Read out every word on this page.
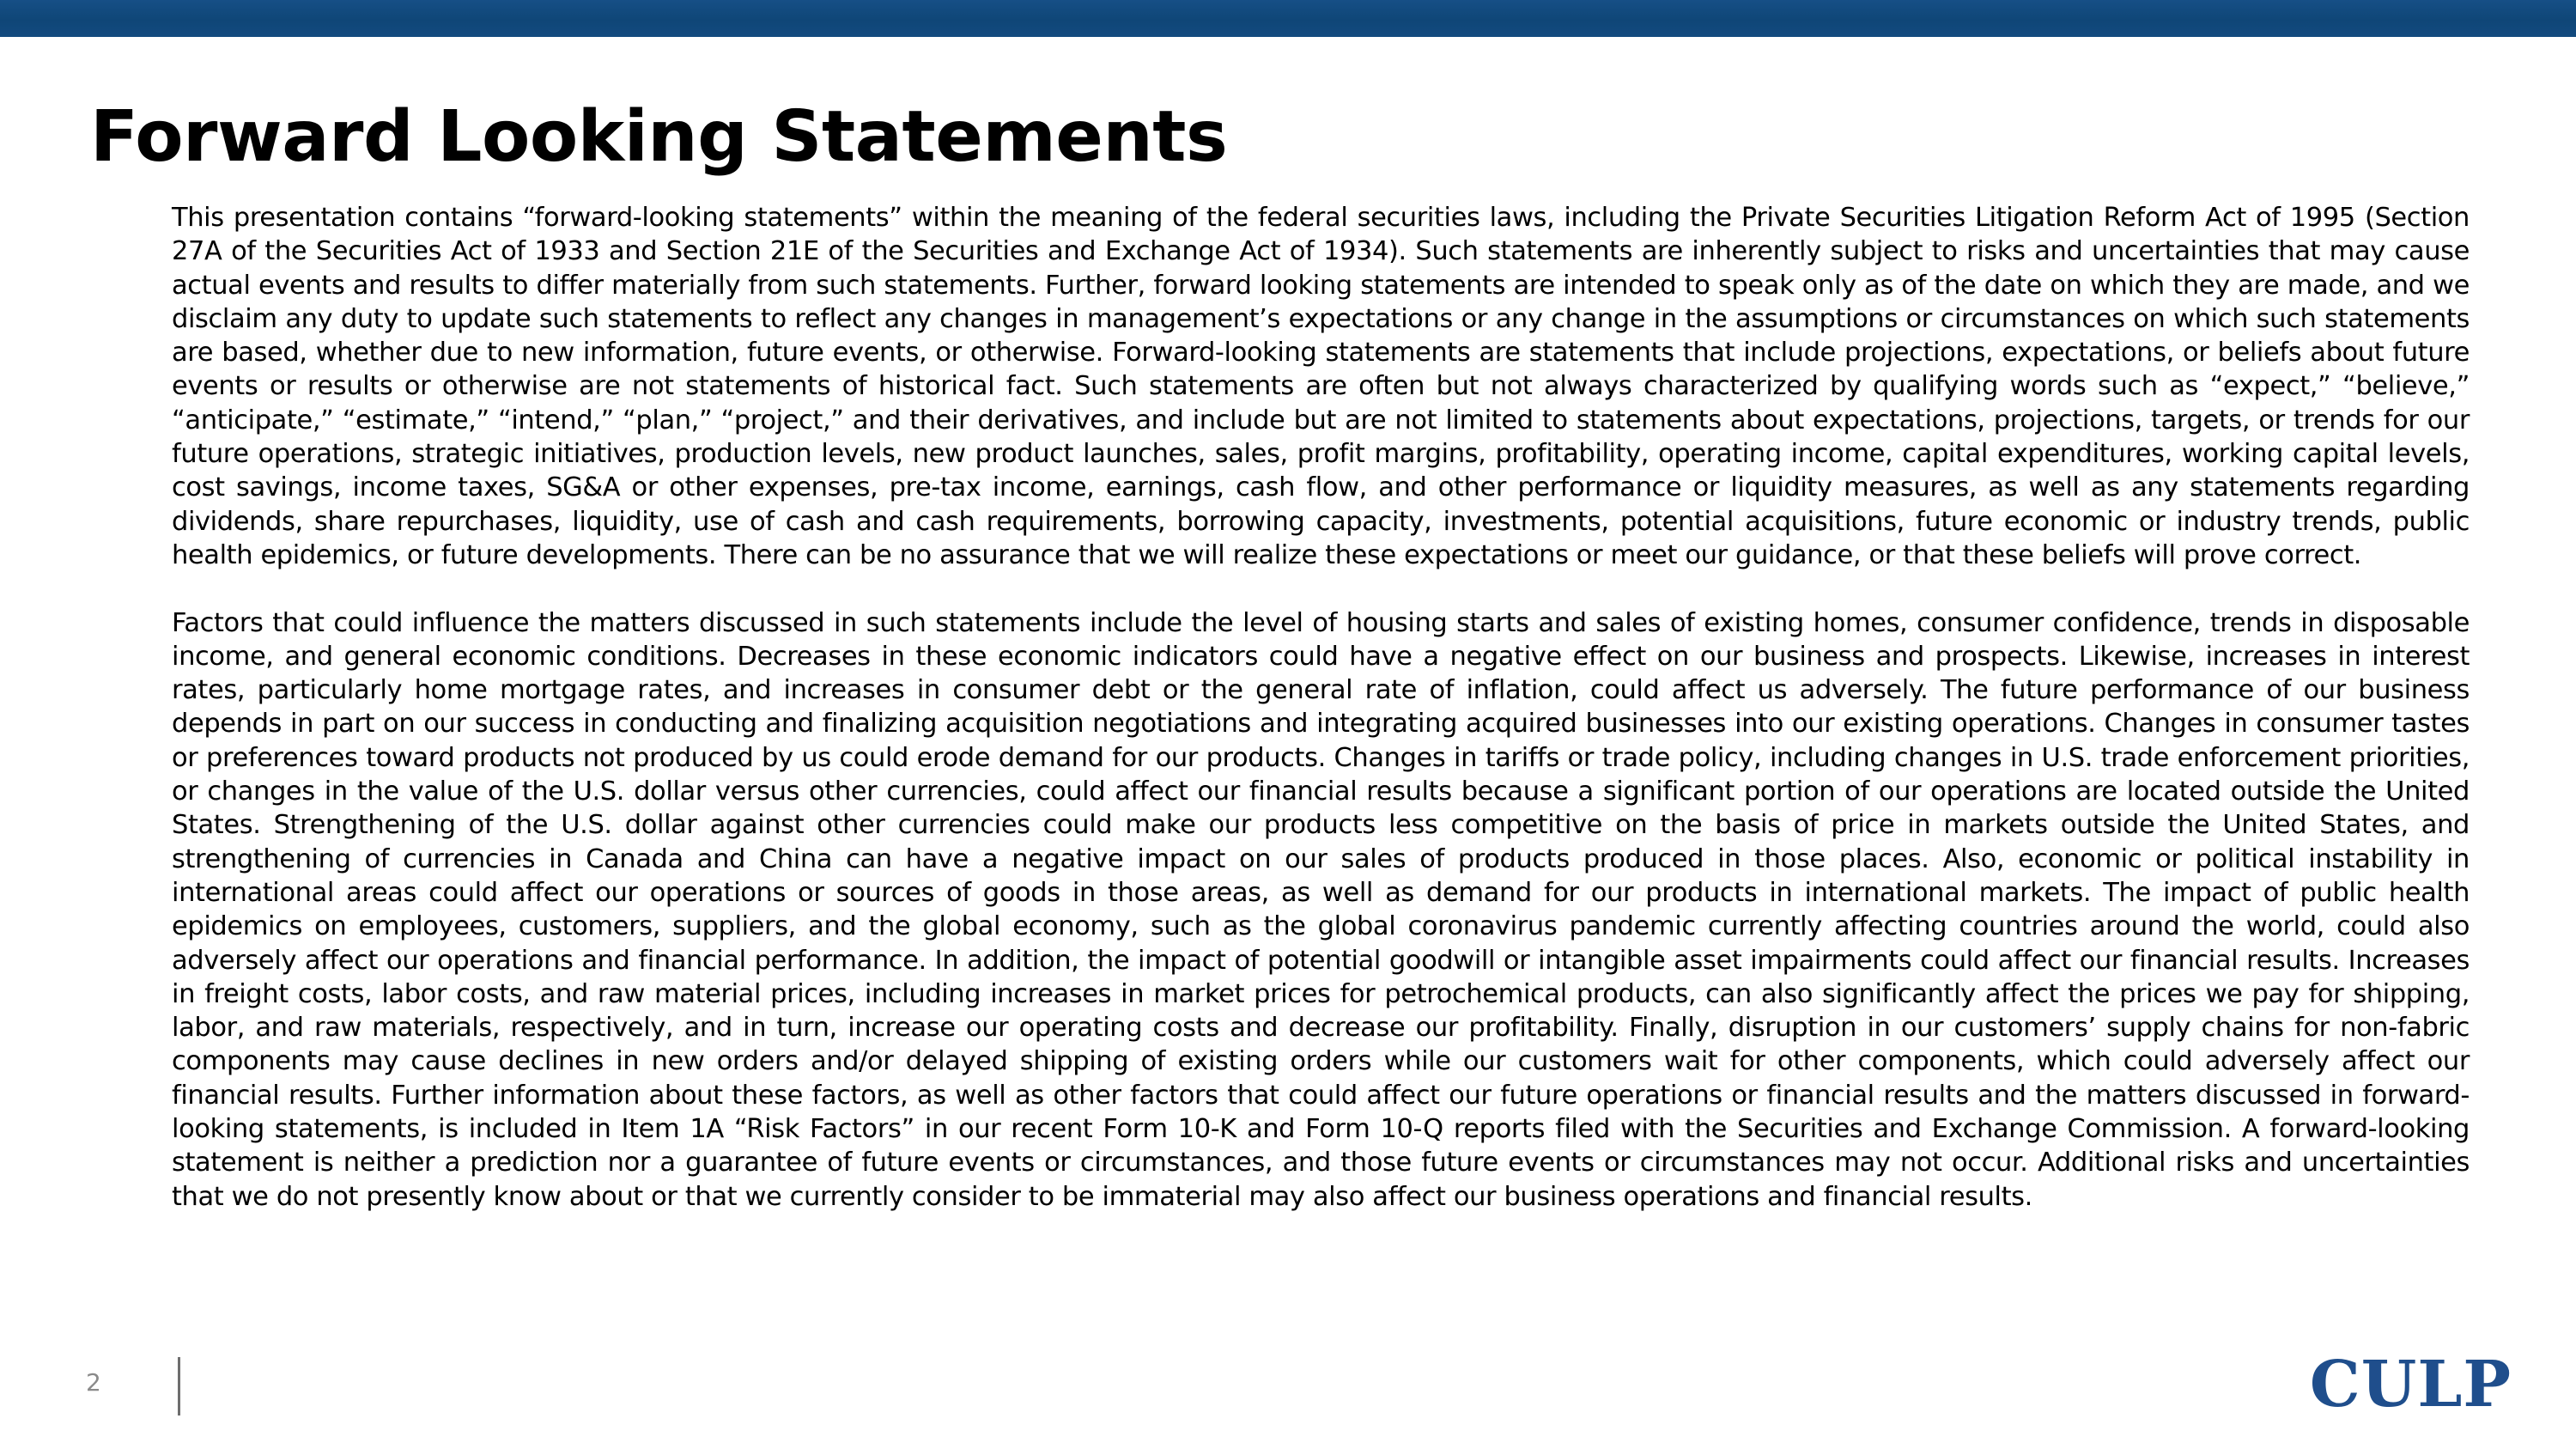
Forward Looking Statements

This presentation contains “forward-looking statements” within the meaning of the federal securities laws, including the Private Securities Litigation Reform Act of 1995 (Section 27A of the Securities Act of 1933 and Section 21E of the Securities and Exchange Act of 1934). Such statements are inherently subject to risks and uncertainties that may cause actual events and results to differ materially from such statements. Further, forward looking statements are intended to speak only as of the date on which they are made, and we disclaim any duty to update such statements to reflect any changes in management’s expectations or any change in the assumptions or circumstances on which such statements are based, whether due to new information, future events, or otherwise. Forward-looking statements are statements that include projections, expectations, or beliefs about future events or results or otherwise are not statements of historical fact. Such statements are often but not always characterized by qualifying words such as “expect,” “believe,” “anticipate,” “estimate,” “intend,” “plan,” “project,” and their derivatives, and include but are not limited to statements about expectations, projections, targets, or trends for our future operations, strategic initiatives, production levels, new product launches, sales, profit margins, profitability, operating income, capital expenditures, working capital levels, cost savings, income taxes, SG&A or other expenses, pre-tax income, earnings, cash flow, and other performance or liquidity measures, as well as any statements regarding dividends, share repurchases, liquidity, use of cash and cash requirements, borrowing capacity, investments, potential acquisitions, future economic or industry trends, public health epidemics, or future developments. There can be no assurance that we will realize these expectations or meet our guidance, or that these beliefs will prove correct.

Factors that could influence the matters discussed in such statements include the level of housing starts and sales of existing homes, consumer confidence, trends in disposable income, and general economic conditions. Decreases in these economic indicators could have a negative effect on our business and prospects. Likewise, increases in interest rates, particularly home mortgage rates, and increases in consumer debt or the general rate of inflation, could affect us adversely. The future performance of our business depends in part on our success in conducting and finalizing acquisition negotiations and integrating acquired businesses into our existing operations. Changes in consumer tastes or preferences toward products not produced by us could erode demand for our products. Changes in tariffs or trade policy, including changes in U.S. trade enforcement priorities, or changes in the value of the U.S. dollar versus other currencies, could affect our financial results because a significant portion of our operations are located outside the United States. Strengthening of the U.S. dollar against other currencies could make our products less competitive on the basis of price in markets outside the United States, and strengthening of currencies in Canada and China can have a negative impact on our sales of products produced in those places. Also, economic or political instability in international areas could affect our operations or sources of goods in those areas, as well as demand for our products in international markets. The impact of public health epidemics on employees, customers, suppliers, and the global economy, such as the global coronavirus pandemic currently affecting countries around the world, could also adversely affect our operations and financial performance. In addition, the impact of potential goodwill or intangible asset impairments could affect our financial results. Increases in freight costs, labor costs, and raw material prices, including increases in market prices for petrochemical products, can also significantly affect the prices we pay for shipping, labor, and raw materials, respectively, and in turn, increase our operating costs and decrease our profitability. Finally, disruption in our customers’ supply chains for non-fabric components may cause declines in new orders and/or delayed shipping of existing orders while our customers wait for other components, which could adversely affect our financial results. Further information about these factors, as well as other factors that could affect our future operations or financial results and the matters discussed in forward-looking statements, is included in Item 1A “Risk Factors” in our recent Form 10-K and Form 10-Q reports filed with the Securities and Exchange Commission. A forward-looking statement is neither a prediction nor a guarantee of future events or circumstances, and those future events or circumstances may not occur. Additional risks and uncertainties that we do not presently know about or that we currently consider to be immaterial may also affect our business operations and financial results.

2	CULP
